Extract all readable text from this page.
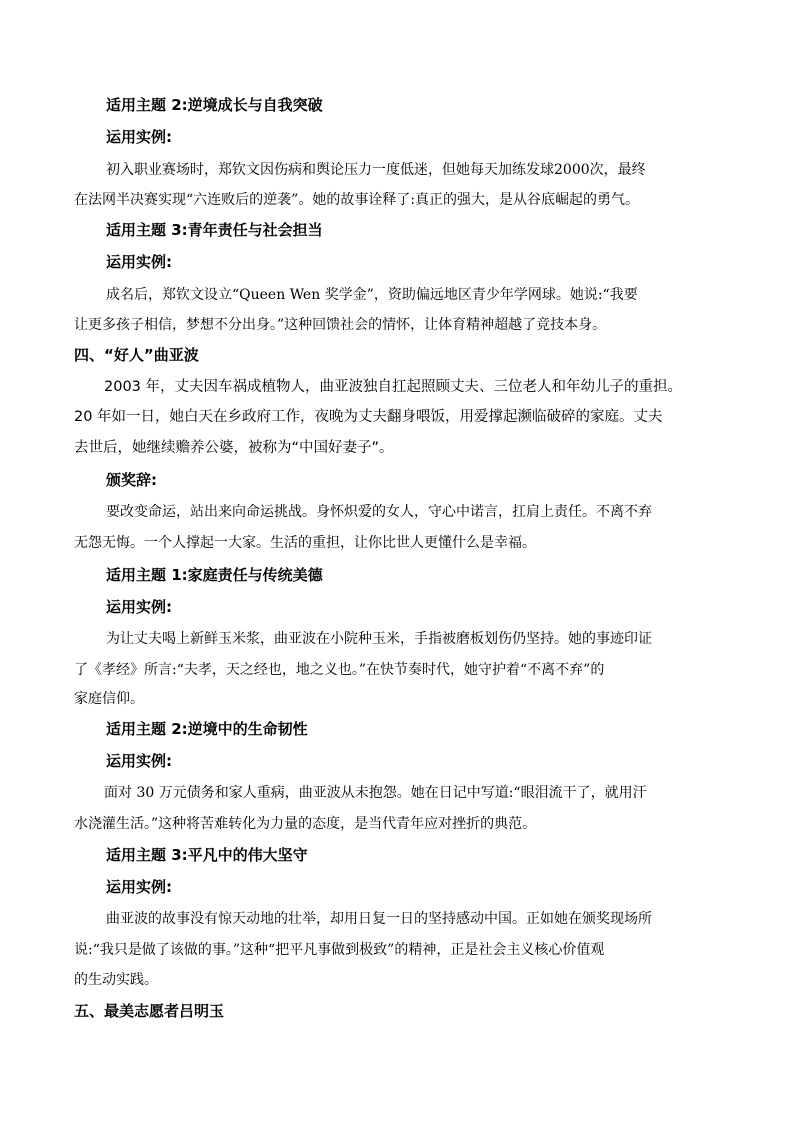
适用主题 2:逆境成长与自我突破
运用实例:
初入职业赛场时，郑钦文因伤病和舆论压力一度低迷，但她每天加练发球2000次，最终
在法网半决赛实现“六连败后的逆袭”。她的故事诠释了:真正的强大，是从谷底崛起的勇气。
适用主题 3:青年责任与社会担当
运用实例:
成名后，郑钦文设立“Queen Wen 奖学金”，资助偏远地区青少年学网球。她说:“我要
让更多孩子相信，梦想不分出身。”这种回馈社会的情怀，让体育精神超越了竞技本身。
四、“好人”曲亚波
2003 年，丈夫因车祸成植物人，曲亚波独自扛起照顾丈夫、三位老人和年幼儿子的重担。
20 年如一日，她白天在乡政府工作，夜晚为丈夫翻身喂饭，用爱撑起濒临破碎的家庭。丈夫
去世后，她继续赡养公婆，被称为“中国好妻子”。
颁奖辞:
要改变命运，站出来向命运挑战。身怀炽爱的女人，守心中诺言，扛肩上责任。不离不弃
无怨无悔。一个人撑起一大家。生活的重担，让你比世人更懂什么是幸福。
适用主题 1:家庭责任与传统美德
运用实例:
为让丈夫喝上新鲜玉米浆，曲亚波在小院种玉米，手指被磨板划伤仍坚持。她的事迹印证
了《孝经》所言:“夫孝，天之经也，地之义也。”在快节奏时代，她守护着“不离不弃”的
家庭信仰。
适用主题 2:逆境中的生命韧性
运用实例:
面对 30 万元债务和家人重病，曲亚波从未抱怨。她在日记中写道:“眼泪流干了，就用汗
水浇灌生活。”这种将苦难转化为力量的态度，是当代青年应对挫折的典范。
适用主题 3:平凡中的伟大坚守
运用实例:
曲亚波的故事没有惊天动地的壮举，却用日复一日的坚持感动中国。正如她在颁奖现场所
说:“我只是做了该做的事。”这种“把平凡事做到极致”的精神，正是社会主义核心价值观
的生动实践。
五、最美志愿者吕明玉
